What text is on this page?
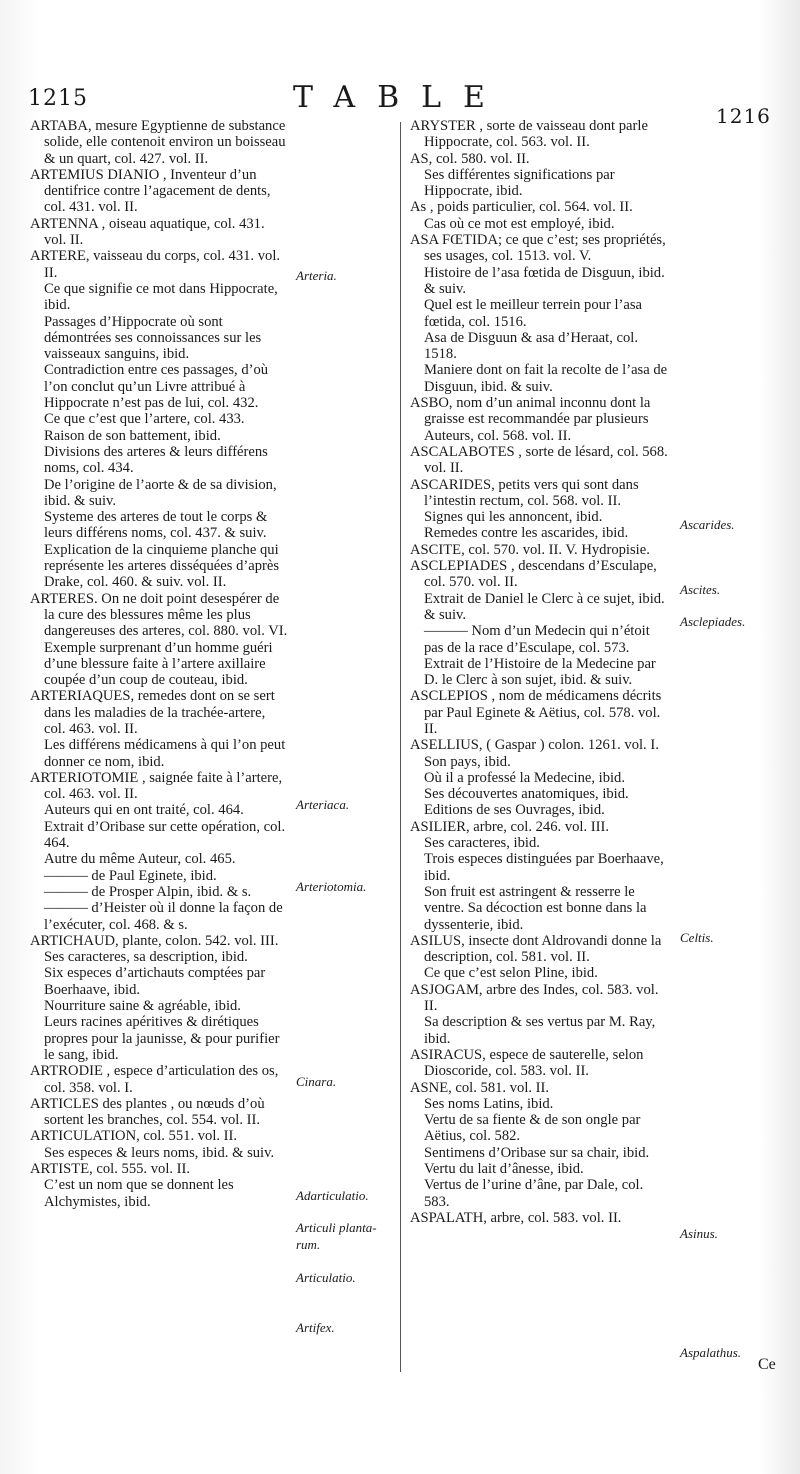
1215	TABLE
1216

ARTABA, mesure Egyptienne de substance solide, elle contenoit environ un boisseau & un quart, col. 427. vol. II.

ARTEMIUS DIANIO , Inventeur d’un dentifrice contre l’agacement de dents, col. 431. vol. II.

ARTENNA , oiseau aquatique, col. 431. vol. II.

ARTERE, vaisseau du corps, col. 431. vol. II.

Ce que signifie ce mot dans Hippocrate, ibid.

Passages d’Hippocrate où sont démontrées ses connoissances sur les vaisseaux sanguins, ibid.

Contradiction entre ces passages, d’où l’on conclut qu’un Livre attribué à Hippocrate n’est pas de lui, col. 432.

Ce que c’est que l’artere, col. 433.

Raison de son battement, ibid.

Divisions des arteres & leurs différens noms, col. 434.

De l’origine de l’aorte & de sa division, ibid. & suiv.

Systeme des arteres de tout le corps & leurs différens noms, col. 437. & suiv.

Explication de la cinquieme planche qui représente les arteres disséquées d’après Drake, col. 460. & suiv. vol. II.

ARTERES. On ne doit point desespérer de la cure des blessures même les plus dangereuses des arteres, col. 880. vol. VI.

Exemple surprenant d’un homme guéri d’une blessure faite à l’artere axillaire coupée d’un coup de couteau, ibid.

ARTERIAQUES, remedes dont on se sert dans les maladies de la trachée-artere, col. 463. vol. II.

Les différens médicamens à qui l’on peut donner ce nom, ibid.

ARTERIOTOMIE , saignée faite à l’artere, col. 463. vol. II.

Auteurs qui en ont traité, col. 464.

Extrait d’Oribase sur cette opération, col. 464.

Autre du même Auteur, col. 465.

——— de Paul Eginete, ibid.

——— de Prosper Alpin, ibid. & s.

——— d’Heister où il donne la façon de l’exécuter, col. 468. & s.

ARTICHAUD, plante, colon. 542. vol. III.

Ses caracteres, sa description, ibid.

Six especes d’artichauts comptées par Boerhaave, ibid.

Nourriture saine & agréable, ibid.

Leurs racines apéritives & dirétiques propres pour la jaunisse, & pour purifier le sang, ibid.

ARTRODIE , espece d’articulation des os, col. 358. vol. I.

ARTICLES des plantes , ou nœuds d’où sortent les branches, col. 554. vol. II.

ARTICULATION, col. 551. vol. II.

Ses especes & leurs noms, ibid. & suiv.

ARTISTE, col. 555. vol. II.

C’est un nom que se donnent les Alchymistes, ibid.

ARYSTER , sorte de vaisseau dont parle Hippocrate, col. 563. vol. II.

AS, col. 580. vol. II.

Ses différentes significations par Hippocrate, ibid.

As , poids particulier, col. 564. vol. II.

Cas où ce mot est employé, ibid.

ASA FŒTIDA; ce que c’est; ses propriétés, ses usages, col. 1513. vol. V.

Histoire de l’asa fœtida de Disguun, ibid. & suiv.

Quel est le meilleur terrein pour l’asa fœtida, col. 1516.

Asa de Disguun & asa d’Heraat, col. 1518.

Maniere dont on fait la recolte de l’asa de Disguun, ibid. & suiv.

ASBO, nom d’un animal inconnu dont la graisse est recommandée par plusieurs Auteurs, col. 568. vol. II.

ASCALABOTES , sorte de lésard, col. 568. vol. II.

ASCARIDES, petits vers qui sont dans l’intestin rectum, col. 568. vol. II.

Signes qui les annoncent, ibid.

Remedes contre les ascarides, ibid.

ASCITE, col. 570. vol. II. V. Hydropisie.

ASCLEPIADES , descendans d’Esculape, col. 570. vol. II.

Extrait de Daniel le Clerc à ce sujet, ibid. & suiv.

——— Nom d’un Medecin qui n’étoit pas de la race d’Esculape, col. 573.

Extrait de l’Histoire de la Medecine par D. le Clerc à son sujet, ibid. & suiv.

ASCLEPIOS , nom de médicamens décrits par Paul Eginete & Aëtius, col. 578. vol. II.

ASELLIUS, ( Gaspar ) colon. 1261. vol. I.

Son pays, ibid.

Où il a professé la Medecine, ibid.

Ses découvertes anatomiques, ibid.

Editions de ses Ouvrages, ibid.

ASILIER, arbre, col. 246. vol. III.

Ses caracteres, ibid.

Trois especes distinguées par Boerhaave, ibid.

Son fruit est astringent & resserre le ventre. Sa décoction est bonne dans la dyssenterie, ibid.

ASILUS, insecte dont Aldrovandi donne la description, col. 581. vol. II.

Ce que c’est selon Pline, ibid.

ASJOGAM, arbre des Indes, col. 583. vol. II.

Sa description & ses vertus par M. Ray, ibid.

ASIRACUS, espece de sauterelle, selon Dioscoride, col. 583. vol. II.

ASNE, col. 581. vol. II.

Ses noms Latins, ibid.

Vertu de sa fiente & de son ongle par Aëtius, col. 582.

Sentimens d’Oribase sur sa chair, ibid.

Vertu du lait d’ânesse, ibid.

Vertus de l’urine d’âne, par Dale, col. 583.

ASPALATH, arbre, col. 583. vol. II.

Arteria.
Arteriaca.
Arteriotomia.
Cinara.
Adarticulatio.
Articuli planta-
rum.
Articulatio.
Artifex.
Ascarides.
Ascites.
Asclepiades.
Celtis.
Asinus.
Aspalathus.
Ce
